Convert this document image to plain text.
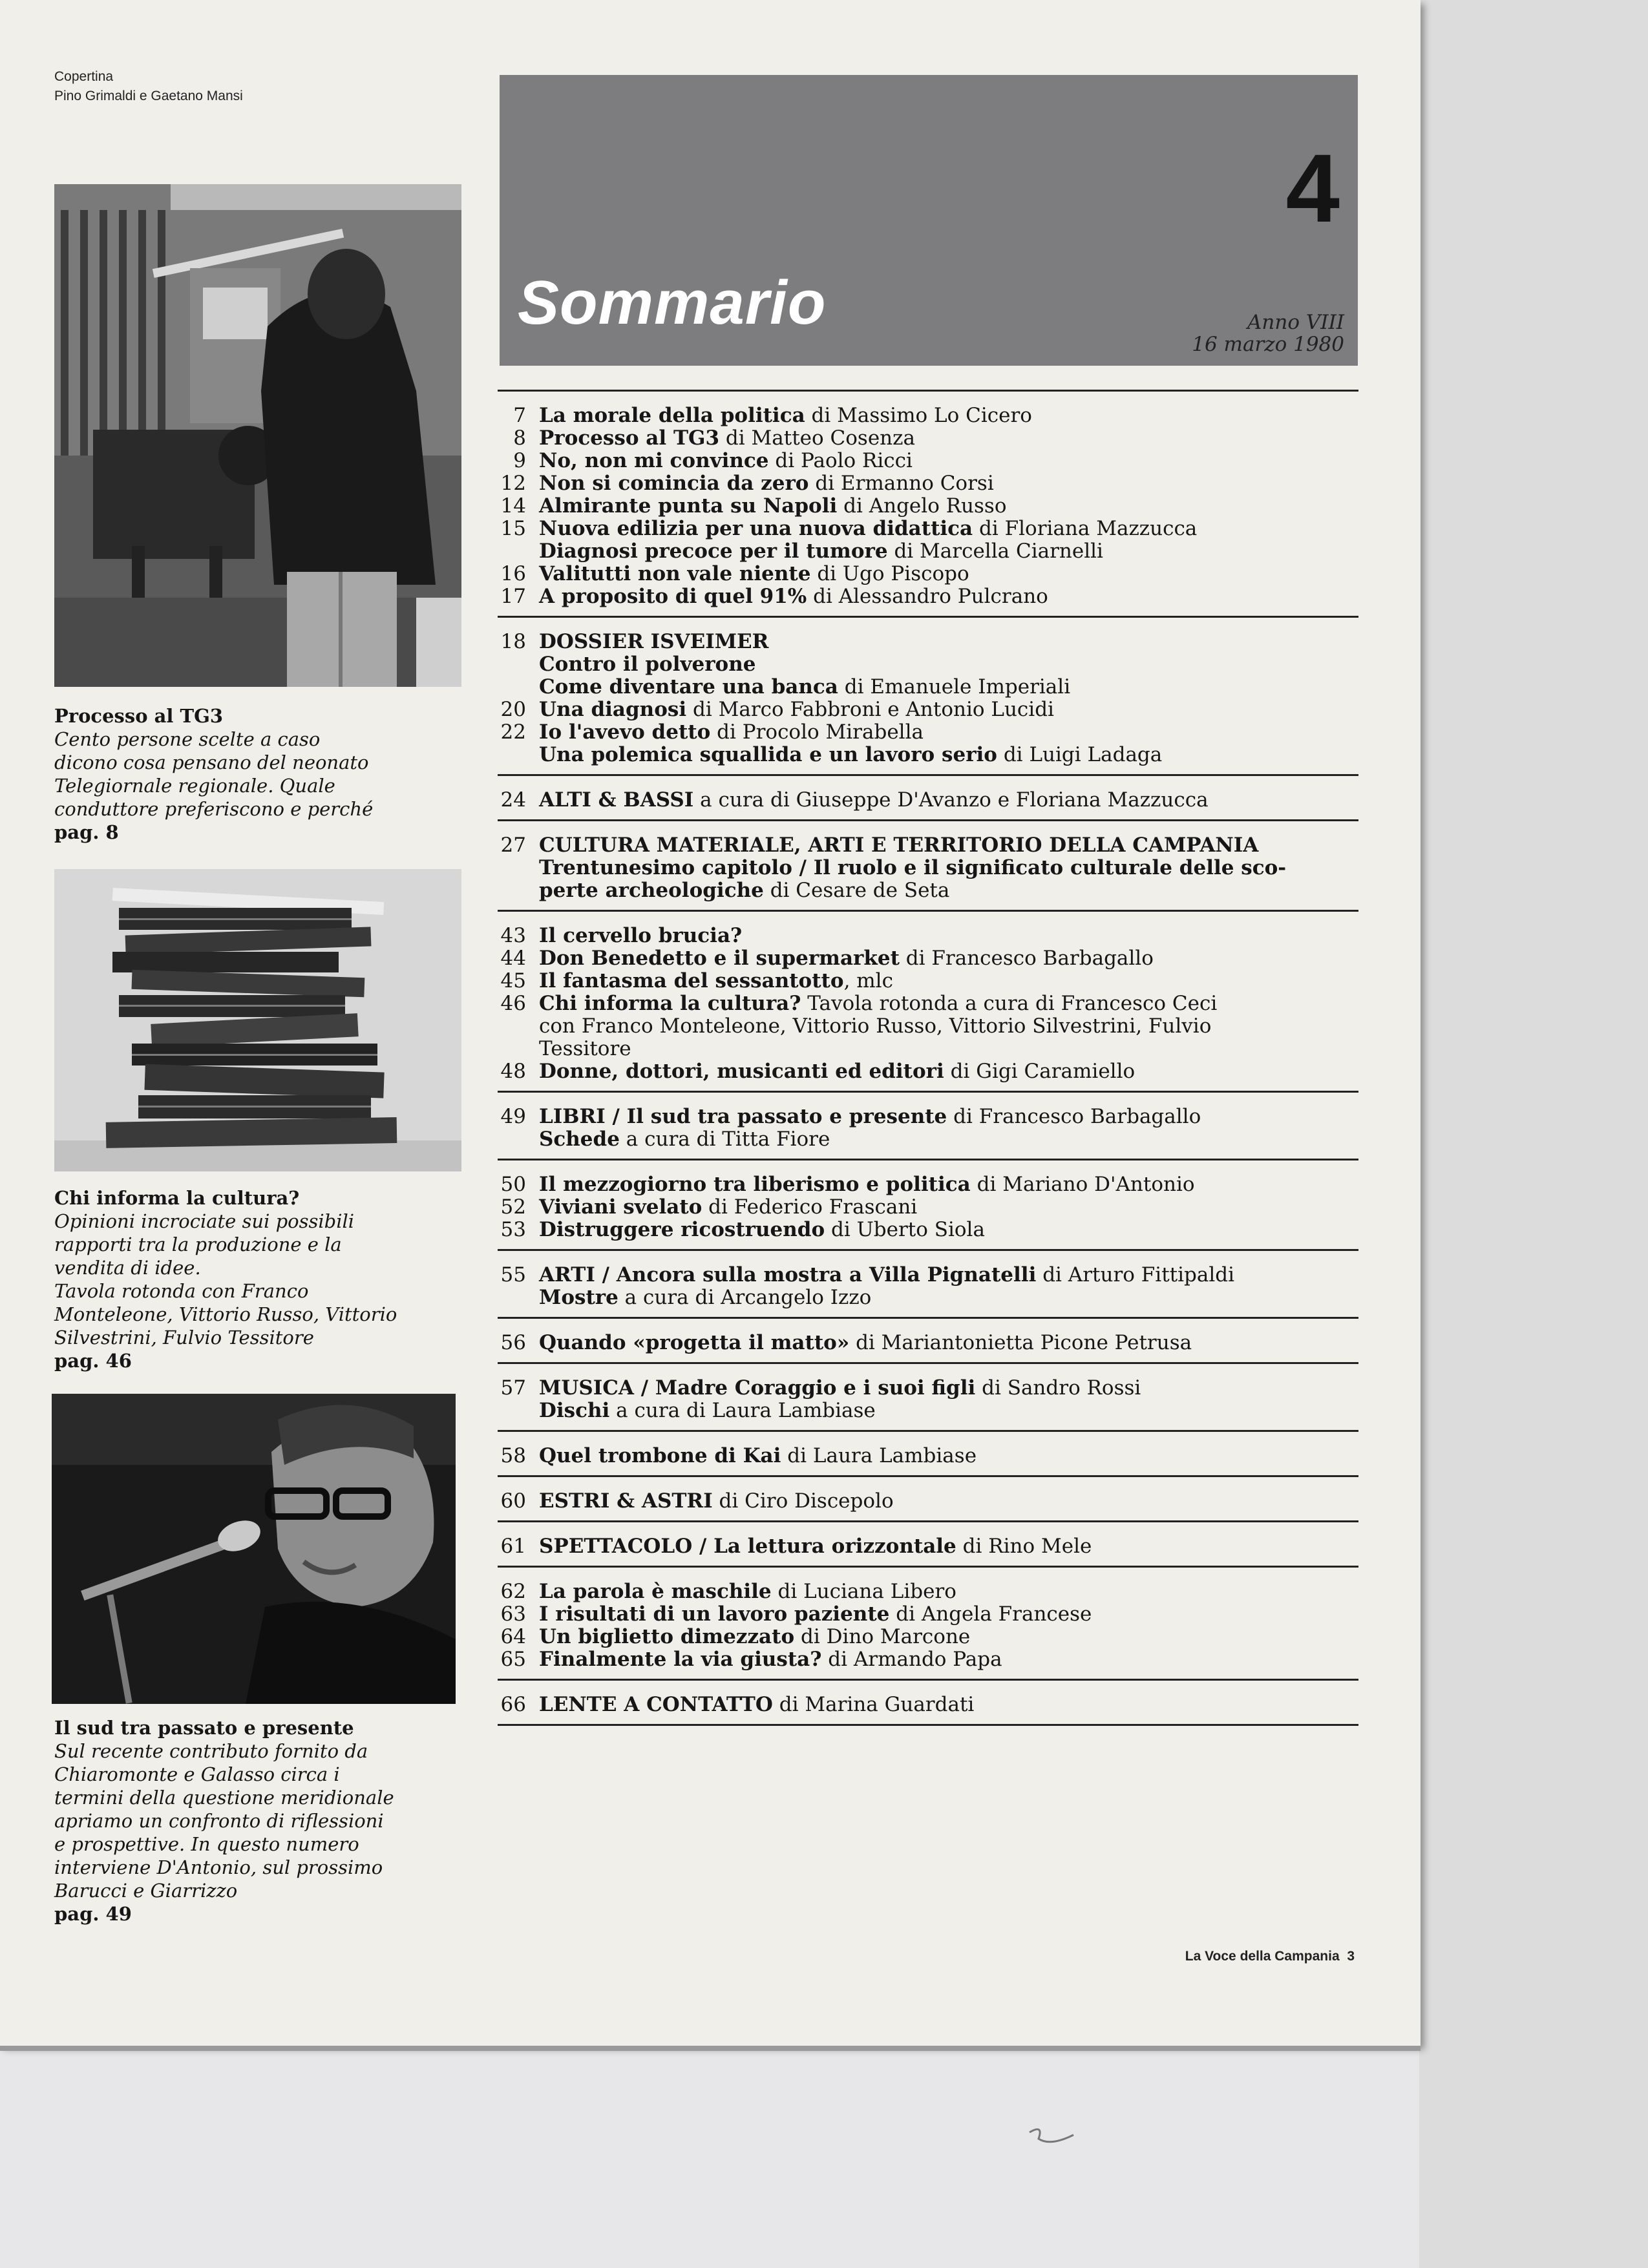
Copertina
Pino Grimaldi e Gaetano Mansi
Processo al TG3
Cento persone scelte a caso
dicono cosa pensano del neonato
Telegiornale regionale. Quale
conduttore preferiscono e perché
pag. 8
Chi informa la cultura?
Opinioni incrociate sui possibili
rapporti tra la produzione e la
vendita di idee.
Tavola rotonda con Franco
Monteleone, Vittorio Russo, Vittorio
Silvestrini, Fulvio Tessitore
pag. 46
Il sud tra passato e presente
Sul recente contributo fornito da
Chiaromonte e Galasso circa i
termini della questione meridionale
apriamo un confronto di riflessioni
e prospettive. In questo numero
interviene D'Antonio, sul prossimo
Barucci e Giarrizzo
pag. 49
4
Sommario	Anno VIII
16 marzo 1980
7 La morale della politica di Massimo Lo Cicero
8 Processo al TG3 di Matteo Cosenza
9 No, non mi convince di Paolo Ricci
12 Non si comincia da zero di Ermanno Corsi
14 Almirante punta su Napoli di Angelo Russo
15 Nuova edilizia per una nuova didattica di Floriana Mazzucca
Diagnosi precoce per il tumore di Marcella Ciarnelli
16 Valitutti non vale niente di Ugo Piscopo
17 A proposito di quel 91% di Alessandro Pulcrano
18 DOSSIER ISVEIMER
Contro il polverone
Come diventare una banca di Emanuele Imperiali
20 Una diagnosi di Marco Fabbroni e Antonio Lucidi
22 Io l'avevo detto di Procolo Mirabella
Una polemica squallida e un lavoro serio di Luigi Ladaga
24 ALTI & BASSI a cura di Giuseppe D'Avanzo e Floriana Mazzucca
27 CULTURA MATERIALE, ARTI E TERRITORIO DELLA CAMPANIA
Trentunesimo capitolo / Il ruolo e il significato culturale delle sco-
perte archeologiche di Cesare de Seta
43 Il cervello brucia?
44 Don Benedetto e il supermarket di Francesco Barbagallo
45 Il fantasma del sessantotto, mlc
46 Chi informa la cultura? Tavola rotonda a cura di Francesco Ceci
con Franco Monteleone, Vittorio Russo, Vittorio Silvestrini, Fulvio
Tessitore
48 Donne, dottori, musicanti ed editori di Gigi Caramiello
49 LIBRI / Il sud tra passato e presente di Francesco Barbagallo
Schede a cura di Titta Fiore
50 Il mezzogiorno tra liberismo e politica di Mariano D'Antonio
52 Viviani svelato di Federico Frascani
53 Distruggere ricostruendo di Uberto Siola
55 ARTI / Ancora sulla mostra a Villa Pignatelli di Arturo Fittipaldi
Mostre a cura di Arcangelo Izzo
56 Quando «progetta il matto» di Mariantonietta Picone Petrusa
57 MUSICA / Madre Coraggio e i suoi figli di Sandro Rossi
Dischi a cura di Laura Lambiase
58 Quel trombone di Kai di Laura Lambiase
60 ESTRI & ASTRI di Ciro Discepolo
61 SPETTACOLO / La lettura orizzontale di Rino Mele
62 La parola è maschile di Luciana Libero
63 I risultati di un lavoro paziente di Angela Francese
64 Un biglietto dimezzato di Dino Marcone
65 Finalmente la via giusta? di Armando Papa
66 LENTE A CONTATTO di Marina Guardati
La Voce della Campania 3
